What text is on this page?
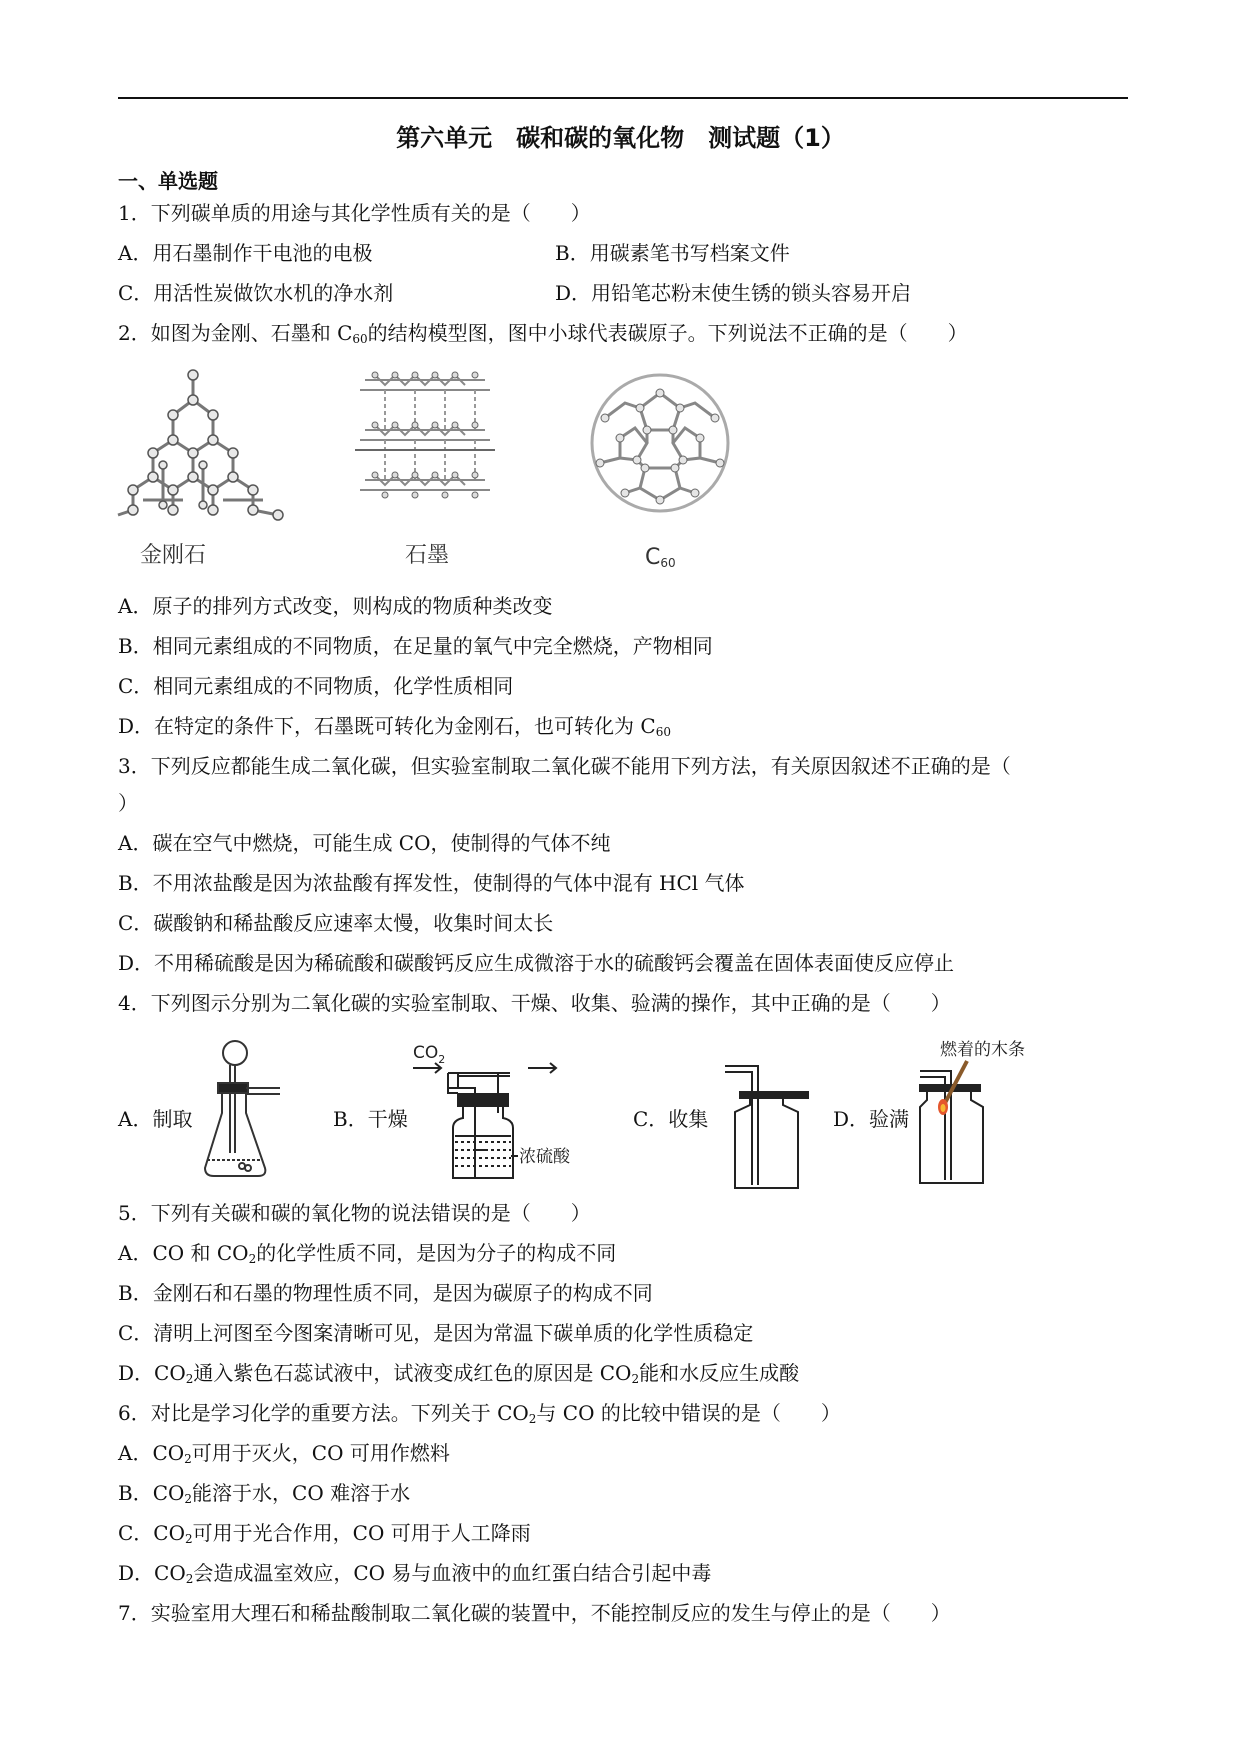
第六单元　碳和碳的氧化物　测试题（1）
一、单选题
1．下列碳单质的用途与其化学性质有关的是（　　）
A．用石墨制作干电池的电极	B．用碳素笔书写档案文件
C．用活性炭做饮水机的净水剂	D．用铅笔芯粉末使生锈的锁头容易开启
2．如图为金刚、石墨和 $C_{60}$的结构模型图，图中小球代表碳原子。下列说法不正确的是（　　）
金刚石	石墨	$C_{60}$
A．原子的排列方式改变，则构成的物质种类改变
B．相同元素组成的不同物质，在足量的氧气中完全燃烧，产物相同
C．相同元素组成的不同物质，化学性质相同
D．在特定的条件下，石墨既可转化为金刚石，也可转化为 $C_{60}$
3．下列反应都能生成二氧化碳，但实验室制取二氧化碳不能用下列方法，有关原因叙述不正确的是（
）
A．碳在空气中燃烧，可能生成 CO，使制得的气体不纯
B．不用浓盐酸是因为浓盐酸有挥发性，使制得的气体中混有 HCl 气体
C．碳酸钠和稀盐酸反应速率太慢，收集时间太长
D．不用稀硫酸是因为稀硫酸和碳酸钙反应生成微溶于水的硫酸钙会覆盖在固体表面使反应停止
4．下列图示分别为二氧化碳的实验室制取、干燥、收集、验满的操作，其中正确的是（　　）
A．制取	B．干燥
$CO_2$
浓硫酸
C．收集	D．验满
燃着的木条
5．下列有关碳和碳的氧化物的说法错误的是（　　）
A．CO 和 $CO_2$的化学性质不同，是因为分子的构成不同
B．金刚石和石墨的物理性质不同，是因为碳原子的构成不同
C．清明上河图至今图案清晰可见，是因为常温下碳单质的化学性质稳定
D．$CO_2$通入紫色石蕊试液中，试液变成红色的原因是 $CO_2$能和水反应生成酸
6．对比是学习化学的重要方法。下列关于 $CO_2$与 CO 的比较中错误的是（　　）
A．$CO_2$可用于灭火，CO 可用作燃料
B．$CO_2$能溶于水，CO 难溶于水
C．$CO_2$可用于光合作用，CO 可用于人工降雨
D．$CO_2$会造成温室效应，CO 易与血液中的血红蛋白结合引起中毒
7．实验室用大理石和稀盐酸制取二氧化碳的装置中，不能控制反应的发生与停止的是（　　）
